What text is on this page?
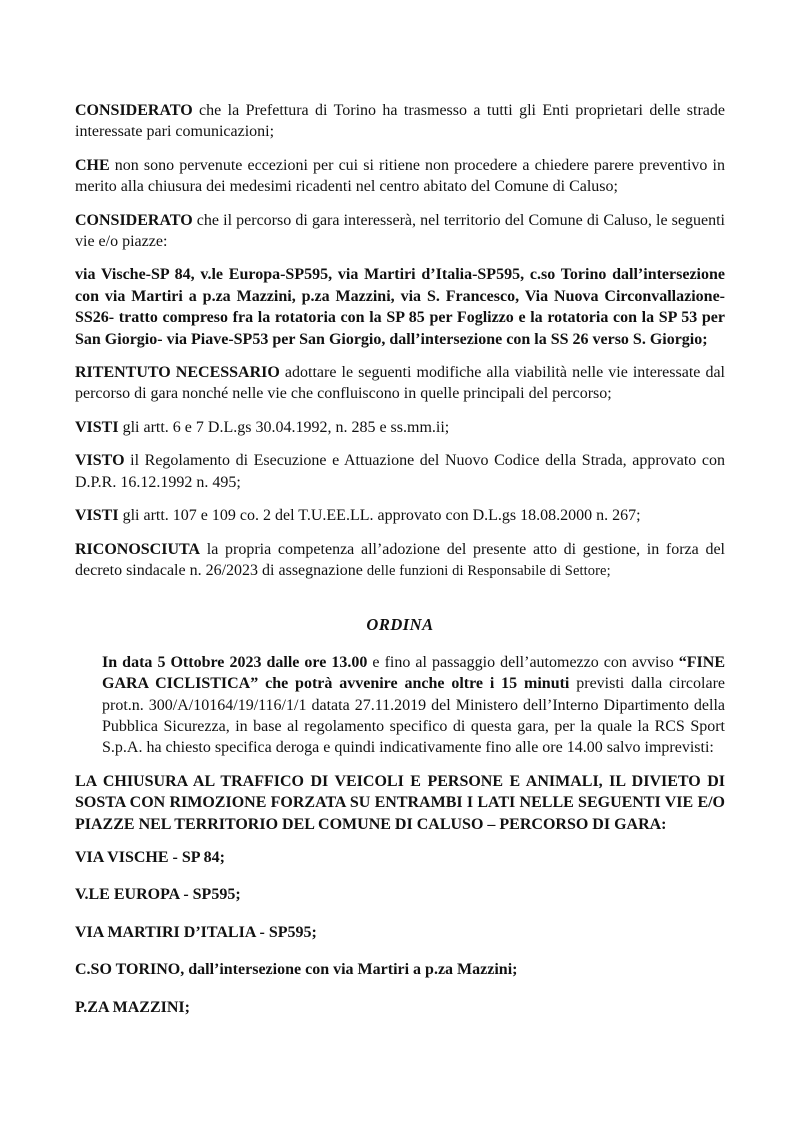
CONSIDERATO che la Prefettura di Torino ha trasmesso a tutti gli Enti proprietari delle strade interessate pari comunicazioni;

CHE non sono pervenute eccezioni per cui si ritiene non procedere a chiedere parere preventivo in merito alla chiusura dei medesimi ricadenti nel centro abitato del Comune di Caluso;

CONSIDERATO che il percorso di gara interesserà, nel territorio del Comune di Caluso, le seguenti vie e/o piazze:

via Vische-SP 84, v.le Europa-SP595, via Martiri d’Italia-SP595, c.so Torino dall’intersezione con via Martiri a p.za Mazzini, p.za Mazzini, via S. Francesco, Via Nuova Circonvallazione-SS26- tratto compreso fra la rotatoria con la SP 85 per Foglizzo e la rotatoria con la SP 53 per San Giorgio- via Piave-SP53 per San Giorgio, dall’intersezione con la SS 26 verso S. Giorgio;

RITENTUTO NECESSARIO adottare le seguenti modifiche alla viabilità nelle vie interessate dal percorso di gara nonché nelle vie che confluiscono in quelle principali del percorso;

VISTI gli artt. 6 e 7 D.L.gs 30.04.1992, n. 285 e ss.mm.ii;

VISTO il Regolamento di Esecuzione e Attuazione del Nuovo Codice della Strada, approvato con D.P.R. 16.12.1992 n. 495;

VISTI gli artt. 107 e 109 co. 2 del T.U.EE.LL. approvato con D.L.gs 18.08.2000 n. 267;

RICONOSCIUTA la propria competenza all’adozione del presente atto di gestione, in forza del decreto sindacale n. 26/2023 di assegnazione delle funzioni di Responsabile di Settore;

ORDINA

In data 5 Ottobre 2023 dalle ore 13.00 e fino al passaggio dell’automezzo con avviso “FINE GARA CICLISTICA” che potrà avvenire anche oltre i 15 minuti previsti dalla circolare prot.n. 300/A/10164/19/116/1/1 datata 27.11.2019 del Ministero dell’Interno Dipartimento della Pubblica Sicurezza, in base al regolamento specifico di questa gara, per la quale la RCS Sport S.p.A. ha chiesto specifica deroga e quindi indicativamente fino alle ore 14.00 salvo imprevisti:

LA CHIUSURA AL TRAFFICO DI VEICOLI E PERSONE E ANIMALI, IL DIVIETO DI SOSTA CON RIMOZIONE FORZATA SU ENTRAMBI I LATI NELLE SEGUENTI VIE E/O PIAZZE NEL TERRITORIO DEL COMUNE DI CALUSO – PERCORSO DI GARA:

VIA VISCHE - SP 84;

V.LE EUROPA - SP595;

VIA MARTIRI D’ITALIA - SP595;

C.SO TORINO, dall’intersezione con via Martiri a p.za Mazzini;

P.ZA MAZZINI;
